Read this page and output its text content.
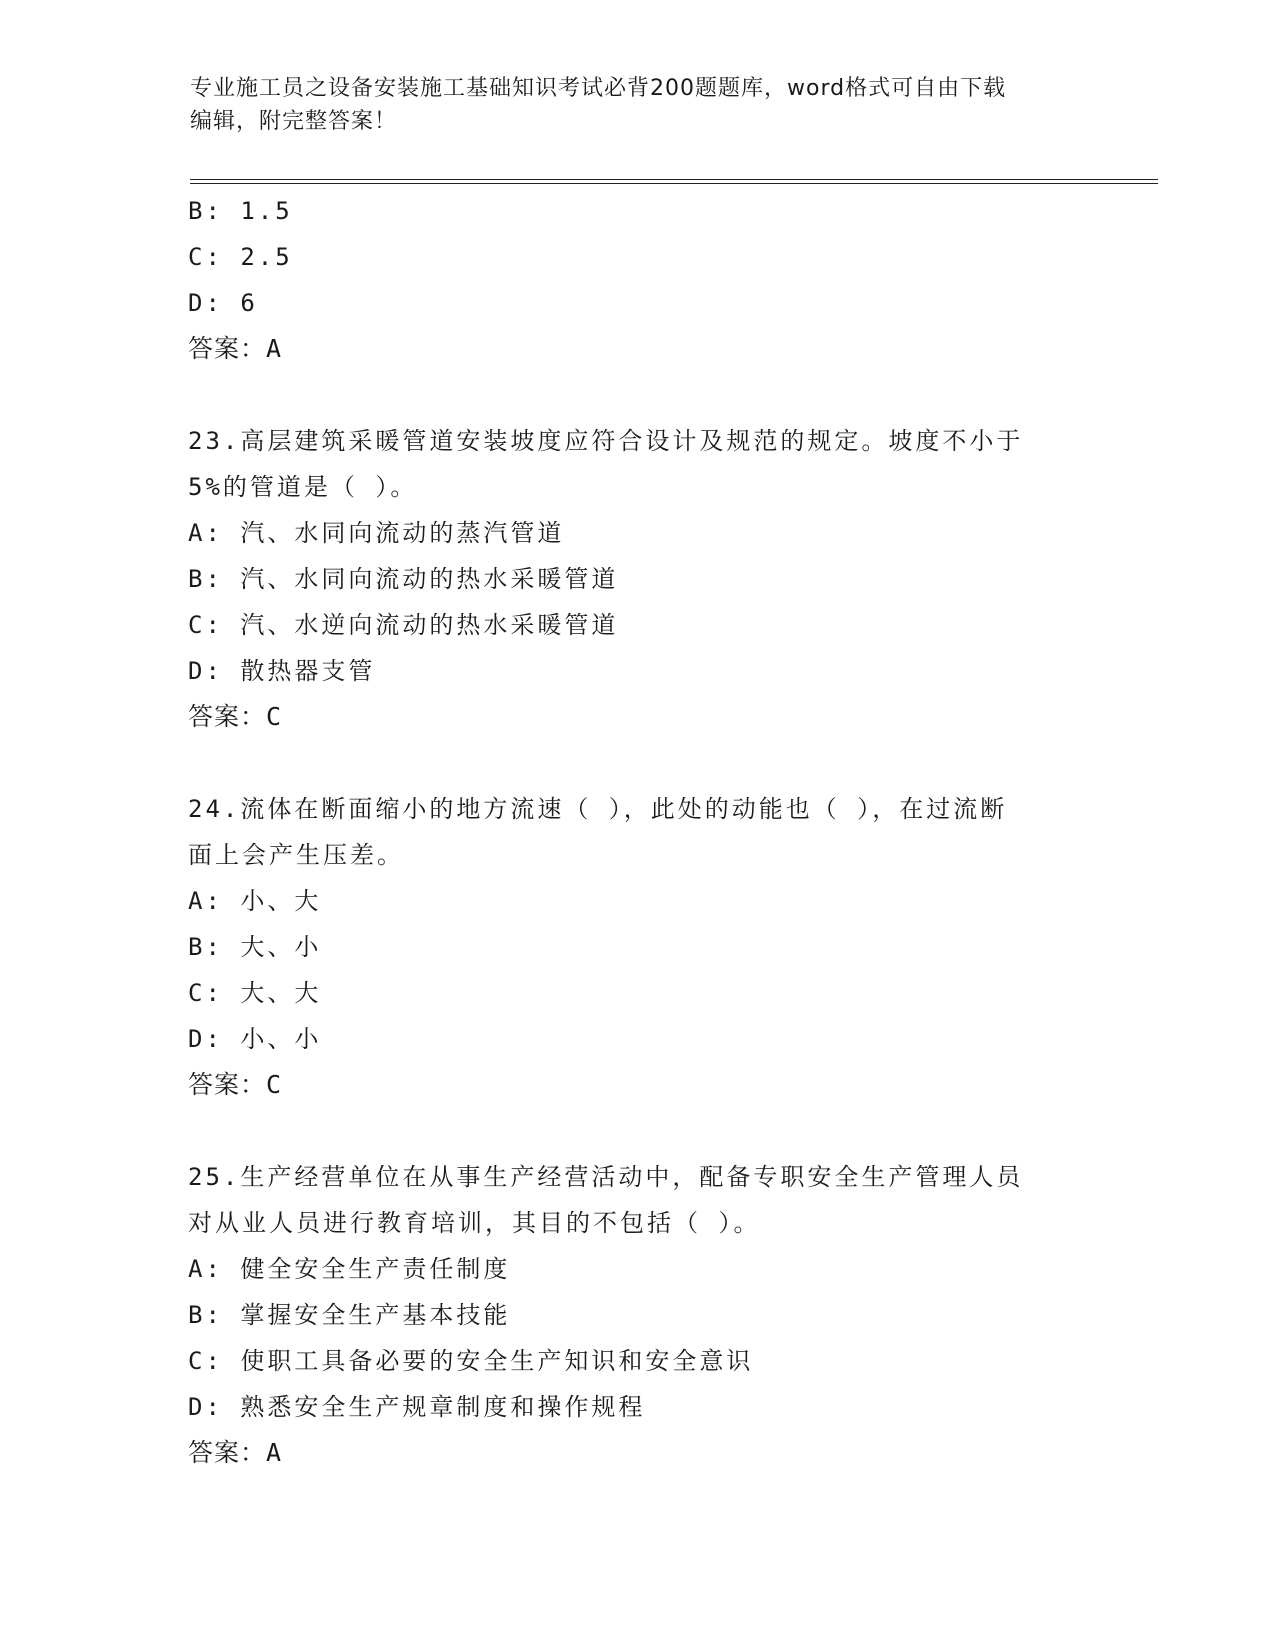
专业施工员之设备安装施工基础知识考试必背200题题库，word格式可自由下载
编辑，附完整答案！
B: 1.5
C: 2.5
D: 6
答案：A
23.高层建筑采暖管道安装坡度应符合设计及规范的规定。坡度不小于
5%的管道是（ ）。
A: 汽、水同向流动的蒸汽管道
B: 汽、水同向流动的热水采暖管道
C: 汽、水逆向流动的热水采暖管道
D: 散热器支管
答案：C
24.流体在断面缩小的地方流速（ ），此处的动能也（ ），在过流断
面上会产生压差。
A: 小、大
B: 大、小
C: 大、大
D: 小、小
答案：C
25.生产经营单位在从事生产经营活动中，配备专职安全生产管理人员
对从业人员进行教育培训，其目的不包括（ ）。
A: 健全安全生产责任制度
B: 掌握安全生产基本技能
C: 使职工具备必要的安全生产知识和安全意识
D: 熟悉安全生产规章制度和操作规程
答案：A
